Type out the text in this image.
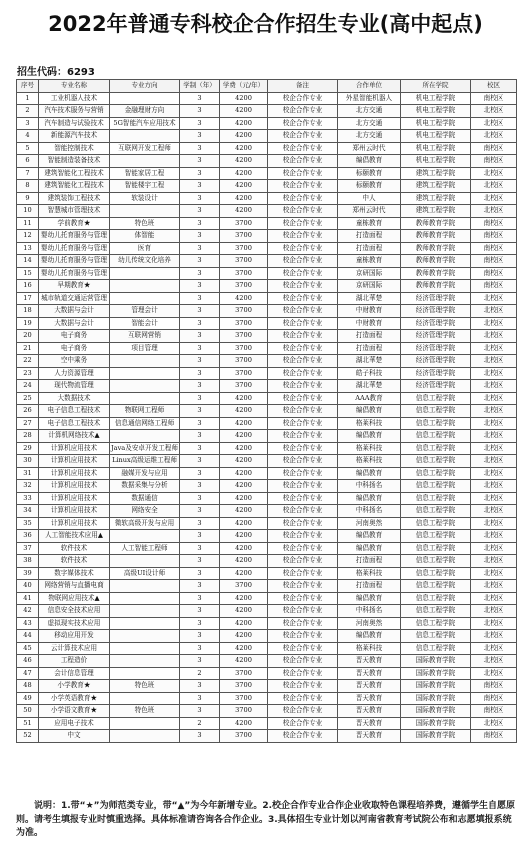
2022年普通专科校企合作招生专业(高中起点)
招生代码：6293
序号	专业名称	专业方向	学制（年）	学费（元/年）	备注	合作单位	所在学院	校区
1	工业机器人技术		3	4200	校企合作专业	外星智能机器人	机电工程学院	南校区
2	汽车技术服务与营销	金融理财方向	3	4200	校企合作专业	北方交通	机电工程学院	北校区
3	汽车制造与试验技术	5G智能汽车应用技术	3	4200	校企合作专业	北方交通	机电工程学院	北校区
4	新能源汽车技术		3	4200	校企合作专业	北方交通	机电工程学院	北校区
5	智能控制技术	互联网开发工程师	3	4200	校企合作专业	郑州云时代	机电工程学院	南校区
6	智能制造装备技术		3	4200	校企合作专业	编倡教育	机电工程学院	南校区
7	建筑智能化工程技术	智能家居工程	3	4200	校企合作专业	标颐教育	建筑工程学院	北校区
8	建筑智能化工程技术	智能楼宇工程	3	4200	校企合作专业	标颐教育	建筑工程学院	北校区
9	建筑装饰工程技术	软装设计	3	4200	校企合作专业	中人	建筑工程学院	北校区
10	智慧城市管理技术		3	4200	校企合作专业	郑州云时代	建筑工程学院	北校区
11	学前教育★	特色班	3	3700	校企合作专业	童栋教育	教师教育学院	南校区
12	婴幼儿托育服务与管理	体智能	3	3700	校企合作专业	打造面程	教师教育学院	南校区
13	婴幼儿托育服务与管理	医育	3	3700	校企合作专业	打造面程	教师教育学院	南校区
14	婴幼儿托育服务与管理	幼儿传统文化培养	3	3700	校企合作专业	童栋教育	教师教育学院	南校区
15	婴幼儿托育服务与管理		3	3700	校企合作专业	京研国际	教师教育学院	南校区
16	早期教育★		3	3700	校企合作专业	京研国际	教师教育学院	南校区
17	城市轨道交通运营管理		3	4200	校企合作专业	湖北華楚	经济管理学院	北校区
18	大数据与会计	管理会计	3	3700	校企合作专业	中财教育	经济管理学院	北校区
19	大数据与会计	智能会计	3	3700	校企合作专业	中财教育	经济管理学院	北校区
20	电子商务	互联网营销	3	3700	校企合作专业	打造面程	经济管理学院	北校区
21	电子商务	项目管理	3	3700	校企合作专业	打造面程	经济管理学院	北校区
22	空中乘务		3	3700	校企合作专业	湖北華楚	经济管理学院	北校区
23	人力资源管理		3	3700	校企合作专业	皓子科技	经济管理学院	北校区
24	现代物流管理		3	3700	校企合作专业	湖北華楚	经济管理学院	北校区
25	大数据技术		3	4200	校企合作专业	AAA教育	信息工程学院	北校区
26	电子信息工程技术	物联网工程师	3	4200	校企合作专业	编倡教育	信息工程学院	北校区
27	电子信息工程技术	信息通信网络工程师	3	4200	校企合作专业	格莱科技	信息工程学院	北校区
28	计算机网络技术▲		3	4200	校企合作专业	编倡教育	信息工程学院	北校区
29	计算机应用技术	Java及安卓开发工程师	3	4200	校企合作专业	格莱科技	信息工程学院	北校区
30	计算机应用技术	Linux高级运维工程师	3	4200	校企合作专业	格莱科技	信息工程学院	北校区
31	计算机应用技术	融媒开发与应用	3	4200	校企合作专业	编倡教育	信息工程学院	北校区
32	计算机应用技术	数据采集与分析	3	4200	校企合作专业	中科扬名	信息工程学院	北校区
33	计算机应用技术	数据通信	3	4200	校企合作专业	编倡教育	信息工程学院	北校区
34	计算机应用技术	网络安全	3	4200	校企合作专业	中科扬名	信息工程学院	北校区
35	计算机应用技术	微软高级开发与应用	3	4200	校企合作专业	河南奥然	信息工程学院	北校区
36	人工智能技术应用▲		3	4200	校企合作专业	编倡教育	信息工程学院	北校区
37	软件技术	人工智能工程师	3	4200	校企合作专业	编倡教育	信息工程学院	北校区
38	软件技术		3	4200	校企合作专业	打造面程	信息工程学院	北校区
39	数字媒体技术	高级UI设计师	3	4200	校企合作专业	格莱科技	信息工程学院	北校区
40	网络营销与直播电商		3	3700	校企合作专业	打造面程	信息工程学院	北校区
41	物联网应用技术▲		3	4200	校企合作专业	编倡教育	信息工程学院	北校区
42	信息安全技术应用		3	4200	校企合作专业	中科扬名	信息工程学院	北校区
43	虚拟现实技术应用		3	4200	校企合作专业	河南奥然	信息工程学院	北校区
44	移动应用开发		3	4200	校企合作专业	编倡教育	信息工程学院	北校区
45	云计算技术应用		3	4200	校企合作专业	格莱科技	信息工程学院	北校区
46	工程造价		3	4200	校企合作专业	晋天教育	国际教育学院	北校区
47	会计信息管理		2	3700	校企合作专业	晋天教育	国际教育学院	北校区
48	小学教育★	特色班	3	3700	校企合作专业	晋天教育	国际教育学院	南校区
49	小学英语教育★		3	3700	校企合作专业	晋天教育	国际教育学院	南校区
50	小学语文教育★	特色班	3	3700	校企合作专业	晋天教育	国际教育学院	南校区
51	应用电子技术		2	4200	校企合作专业	晋天教育	国际教育学院	北校区
52	中文		3	3700	校企合作专业	晋天教育	国际教育学院	南校区
说明：1.带“★”为师范类专业，带“▲”为今年新增专业。2.校企合作专业合作企业收取特色课程培养费，遵循学生自愿原则。请考生填报专业时慎重选择。具体标准请咨询各合作企业。3.具体招生专业计划以河南省教育考试院公布和志愿填报系统为准。
